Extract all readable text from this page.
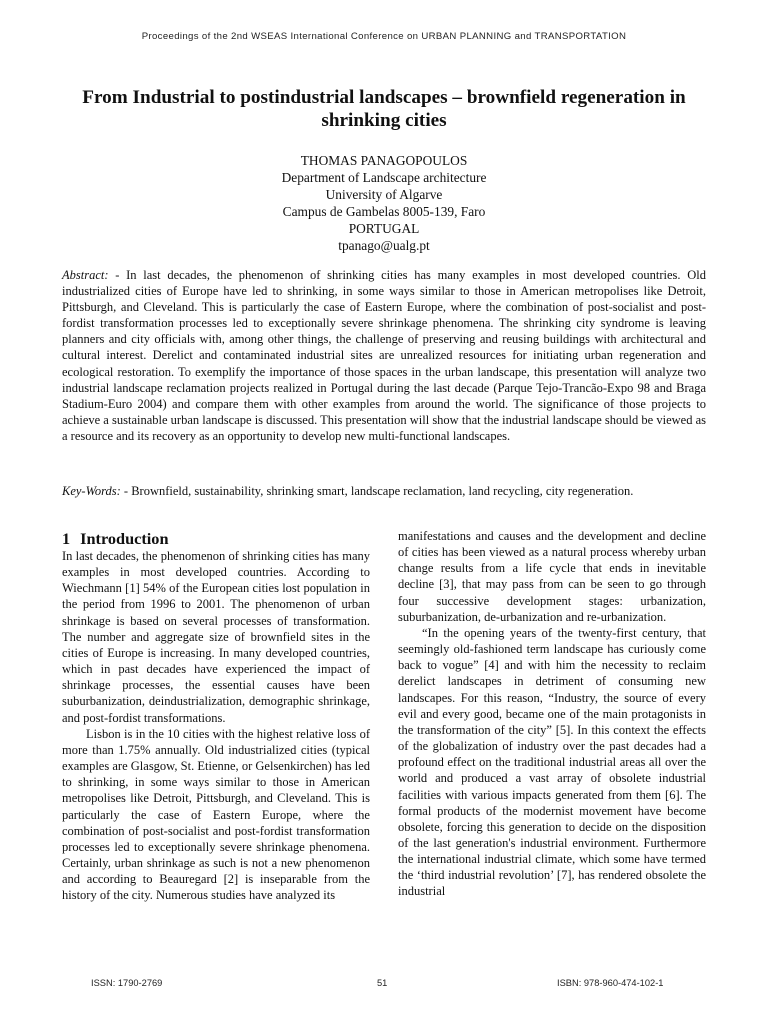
Proceedings of the 2nd WSEAS International Conference on URBAN PLANNING and TRANSPORTATION
From Industrial to postindustrial landscapes – brownfield regeneration in shrinking cities
THOMAS PANAGOPOULOS
Department of Landscape architecture
University of Algarve
Campus de Gambelas 8005-139, Faro
PORTUGAL
tpanago@ualg.pt

Abstract: - In last decades, the phenomenon of shrinking cities has many examples in most developed countries. Old industrialized cities of Europe have led to shrinking, in some ways similar to those in American metropolises like Detroit, Pittsburgh, and Cleveland. This is particularly the case of Eastern Europe, where the combination of post-socialist and post-fordist transformation processes led to exceptionally severe shrinkage phenomena. The shrinking city syndrome is leaving planners and city officials with, among other things, the challenge of preserving and reusing buildings with architectural and cultural interest. Derelict and contaminated industrial sites are unrealized resources for initiating urban regeneration and ecological restoration. To exemplify the importance of those spaces in the urban landscape, this presentation will analyze two industrial landscape reclamation projects realized in Portugal during the last decade (Parque Tejo-Trancão-Expo 98 and Braga Stadium-Euro 2004) and compare them with other examples from around the world. The significance of those projects to achieve a sustainable urban landscape is discussed. This presentation will show that the industrial landscape should be viewed as a resource and its recovery as an opportunity to develop new multi-functional landscapes.

Key-Words: - Brownfield, sustainability, shrinking smart, landscape reclamation, land recycling, city regeneration.

1 Introduction

In last decades, the phenomenon of shrinking cities has many examples in most developed countries. According to Wiechmann [1] 54% of the European cities lost population in the period from 1996 to 2001. The phenomenon of urban shrinkage is based on several processes of transformation. The number and aggregate size of brownfield sites in the cities of Europe is increasing. In many developed countries, which in past decades have experienced the impact of shrinkage processes, the essential causes have been suburbanization, deindustrialization, demographic shrinkage, and post-fordist transformations.

Lisbon is in the 10 cities with the highest relative loss of more than 1.75% annually. Old industrialized cities (typical examples are Glasgow, St. Etienne, or Gelsenkirchen) has led to shrinking, in some ways similar to those in American metropolises like Detroit, Pittsburgh, and Cleveland. This is particularly the case of Eastern Europe, where the combination of post-socialist and post-fordist transformation processes led to exceptionally severe shrinkage phenomena. Certainly, urban shrinkage as such is not a new phenomenon and according to Beauregard [2] is inseparable from the history of the city. Numerous studies have analyzed its

manifestations and causes and the development and decline of cities has been viewed as a natural process whereby urban change results from a life cycle that ends in inevitable decline [3], that may pass from can be seen to go through four successive development stages: urbanization, suburbanization, de-urbanization and re-urbanization.

“In the opening years of the twenty-first century, that seemingly old-fashioned term landscape has curiously come back to vogue” [4] and with him the necessity to reclaim derelict landscapes in detriment of consuming new landscapes. For this reason, “Industry, the source of every evil and every good, became one of the main protagonists in the transformation of the city” [5]. In this context the effects of the globalization of industry over the past decades had a profound effect on the traditional industrial areas all over the world and produced a vast array of obsolete industrial facilities with various impacts generated from them [6]. The formal products of the modernist movement have become obsolete, forcing this generation to decide on the disposition of the last generation's industrial environment. Furthermore the international industrial climate, which some have termed the ‘third industrial revolution’ [7], has rendered obsolete the industrial

ISSN: 1790-2769	51	ISBN: 978-960-474-102-1
